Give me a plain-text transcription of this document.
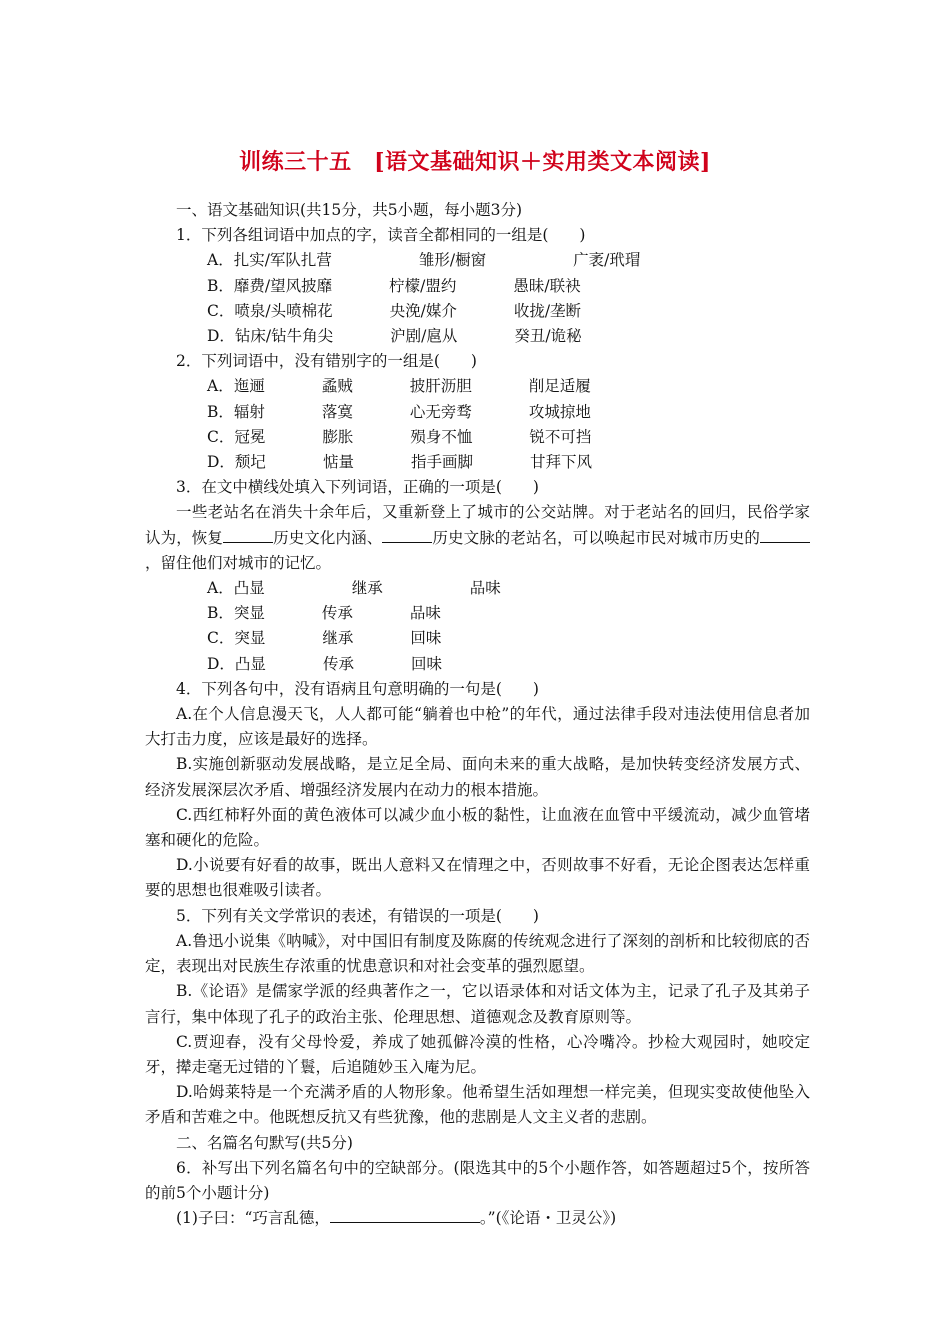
训练三十五　[语文基础知识＋实用类文本阅读]

一、语文基础知识(共15分，共5小题，每小题3分)

1．下列各组词语中加点的字，读音全都相同的一组是(　　)

A．扎实/军队扎营	雏形/橱窗	广袤/玳瑁

B．靡费/望风披靡	柠檬/盟约	愚昧/联袂

C．喷泉/头喷棉花	央浼/媒介	收拢/垄断

D．钻床/钻牛角尖	沪剧/扈从	癸丑/诡秘

2．下列词语中，没有错别字的一组是(　　)

A．迤逦	蟊贼	披肝沥胆	削足适履

B．辐射	落寞	心无旁骛	攻城掠地

C．冠冕	膨胀	殒身不恤	锐不可挡

D．颓圮	惦量	指手画脚	甘拜下风

3．在文中横线处填入下列词语，正确的一项是(　　)

一些老站名在消失十余年后，又重新登上了城市的公交站牌。对于老站名的回归，民俗学家认为，恢复	历史文化内涵、	历史文脉的老站名，可以唤起市民对城市历史的，留住他们对城市的记忆。

A．凸显	继承	品味

B．突显	传承	品味

C．突显	继承	回味

D．凸显	传承	回味

4．下列各句中，没有语病且句意明确的一句是(　　)

A.在个人信息漫天飞，人人都可能“躺着也中枪”的年代，通过法律手段对违法使用信息者加大打击力度，应该是最好的选择。

B.实施创新驱动发展战略，是立足全局、面向未来的重大战略，是加快转变经济发展方式、经济发展深层次矛盾、增强经济发展内在动力的根本措施。

C.西红柿籽外面的黄色液体可以减少血小板的黏性，让血液在血管中平缓流动，减少血管堵塞和硬化的危险。

D.小说要有好看的故事，既出人意料又在情理之中，否则故事不好看，无论企图表达怎样重要的思想也很难吸引读者。

5．下列有关文学常识的表述，有错误的一项是(　　)

A.鲁迅小说集《呐喊》，对中国旧有制度及陈腐的传统观念进行了深刻的剖析和比较彻底的否定，表现出对民族生存浓重的忧患意识和对社会变革的强烈愿望。

B.《论语》是儒家学派的经典著作之一，它以语录体和对话文体为主，记录了孔子及其弟子言行，集中体现了孔子的政治主张、伦理思想、道德观念及教育原则等。

C.贾迎春，没有父母怜爱，养成了她孤僻冷漠的性格，心冷嘴冷。抄检大观园时，她咬定牙，撵走毫无过错的丫鬟，后追随妙玉入庵为尼。

D.哈姆莱特是一个充满矛盾的人物形象。他希望生活如理想一样完美，但现实变故使他坠入矛盾和苦难之中。他既想反抗又有些犹豫，他的悲剧是人文主义者的悲剧。

二、名篇名句默写(共5分)

6．补写出下列名篇名句中的空缺部分。(限选其中的5个小题作答，如答题超过5个，按所答的前5个小题计分)

(1)子曰：“巧言乱德，	。”(《论语・卫灵公》)
